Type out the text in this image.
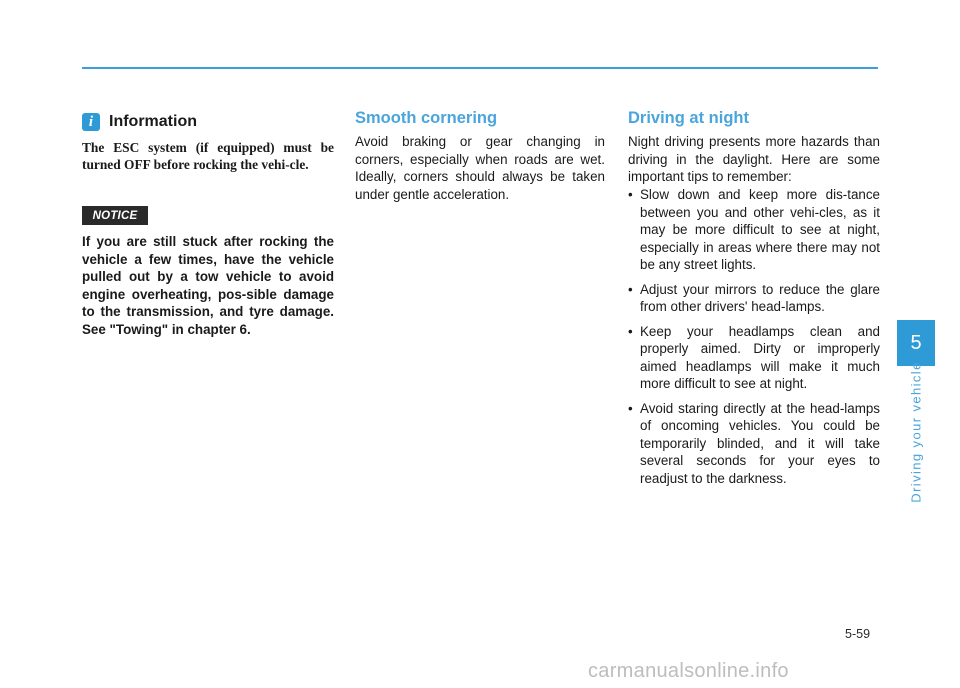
i Information

The ESC system (if equipped) must be turned OFF before rocking the vehi-cle.

NOTICE

If you are still stuck after rocking the vehicle a few times, have the vehicle pulled out by a tow vehicle to avoid engine overheating, pos-sible damage to the transmission, and tyre damage. See "Towing" in chapter 6.

Smooth cornering

Avoid braking or gear changing in corners, especially when roads are wet. Ideally, corners should always be taken under gentle acceleration.

Driving at night

Night driving presents more hazards than driving in the daylight. Here are some important tips to remember:

• Slow down and keep more dis-tance between you and other vehi-cles, as it may be more difficult to see at night, especially in areas where there may not be any street lights.
• Adjust your mirrors to reduce the glare from other drivers' head-lamps.
• Keep your headlamps clean and properly aimed. Dirty or improperly aimed headlamps will make it much more difficult to see at night.
• Avoid staring directly at the head-lamps of oncoming vehicles. You could be temporarily blinded, and it will take several seconds for your eyes to readjust to the darkness.
5
Driving your vehicle
5-59
carmanualsonline.info
